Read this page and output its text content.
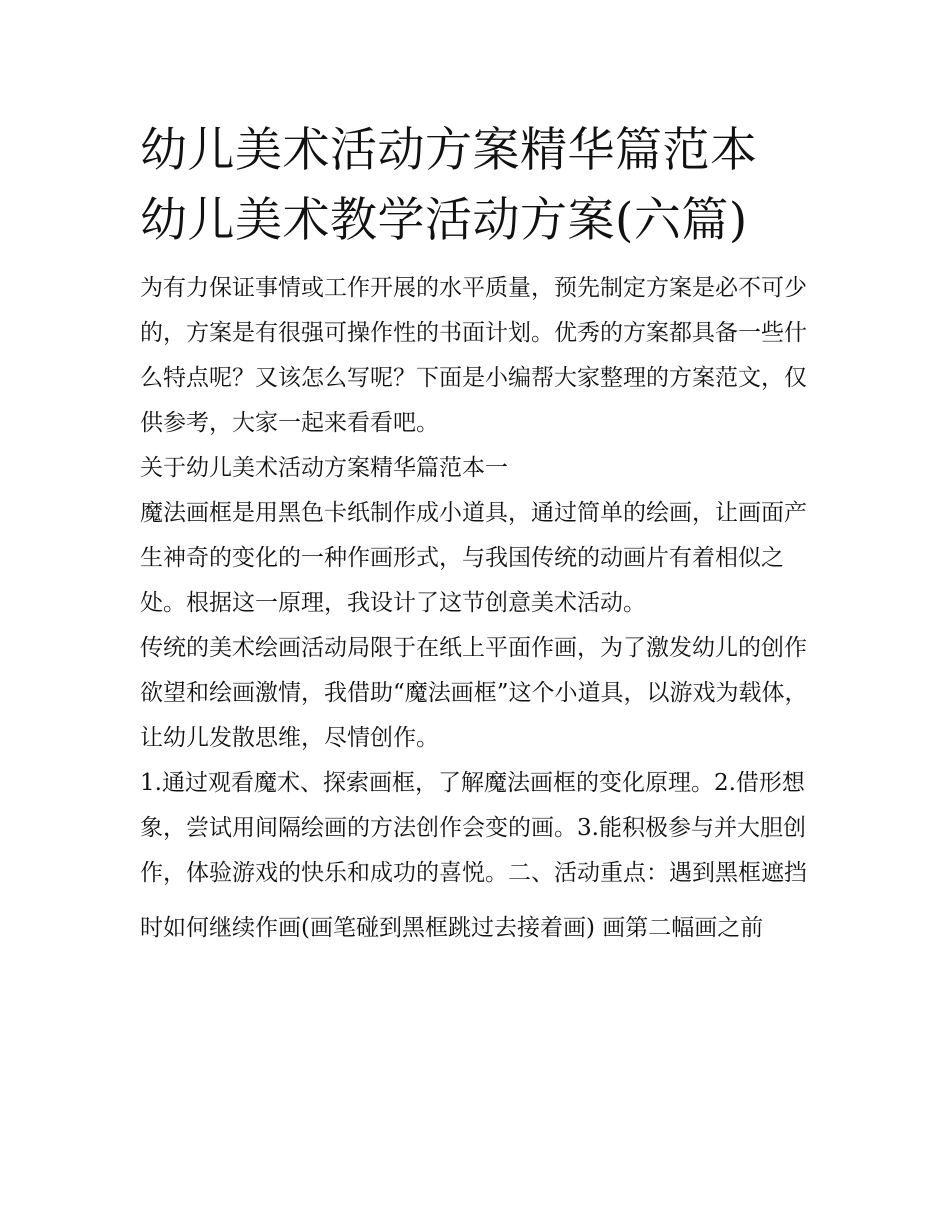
幼儿美术活动方案精华篇范本
幼儿美术教学活动方案(六篇)

为有力保证事情或工作开展的水平质量，预先制定方案是必不可少的，方案是有很强可操作性的书面计划。优秀的方案都具备一些什么特点呢？又该怎么写呢？下面是小编帮大家整理的方案范文，仅供参考，大家一起来看看吧。

关于幼儿美术活动方案精华篇范本一

魔法画框是用黑色卡纸制作成小道具，通过简单的绘画，让画面产生神奇的变化的一种作画形式，与我国传统的动画片有着相似之处。根据这一原理，我设计了这节创意美术活动。

传统的美术绘画活动局限于在纸上平面作画，为了激发幼儿的创作欲望和绘画激情，我借助“魔法画框”这个小道具，以游戏为载体，让幼儿发散思维，尽情创作。

1.通过观看魔术、探索画框，了解魔法画框的变化原理。2.借形想象，尝试用间隔绘画的方法创作会变的画。3.能积极参与并大胆创作，体验游戏的快乐和成功的喜悦。二、活动重点：遇到黑框遮挡

时如何继续作画(画笔碰到黑框跳过去接着画) 画第二幅画之前
